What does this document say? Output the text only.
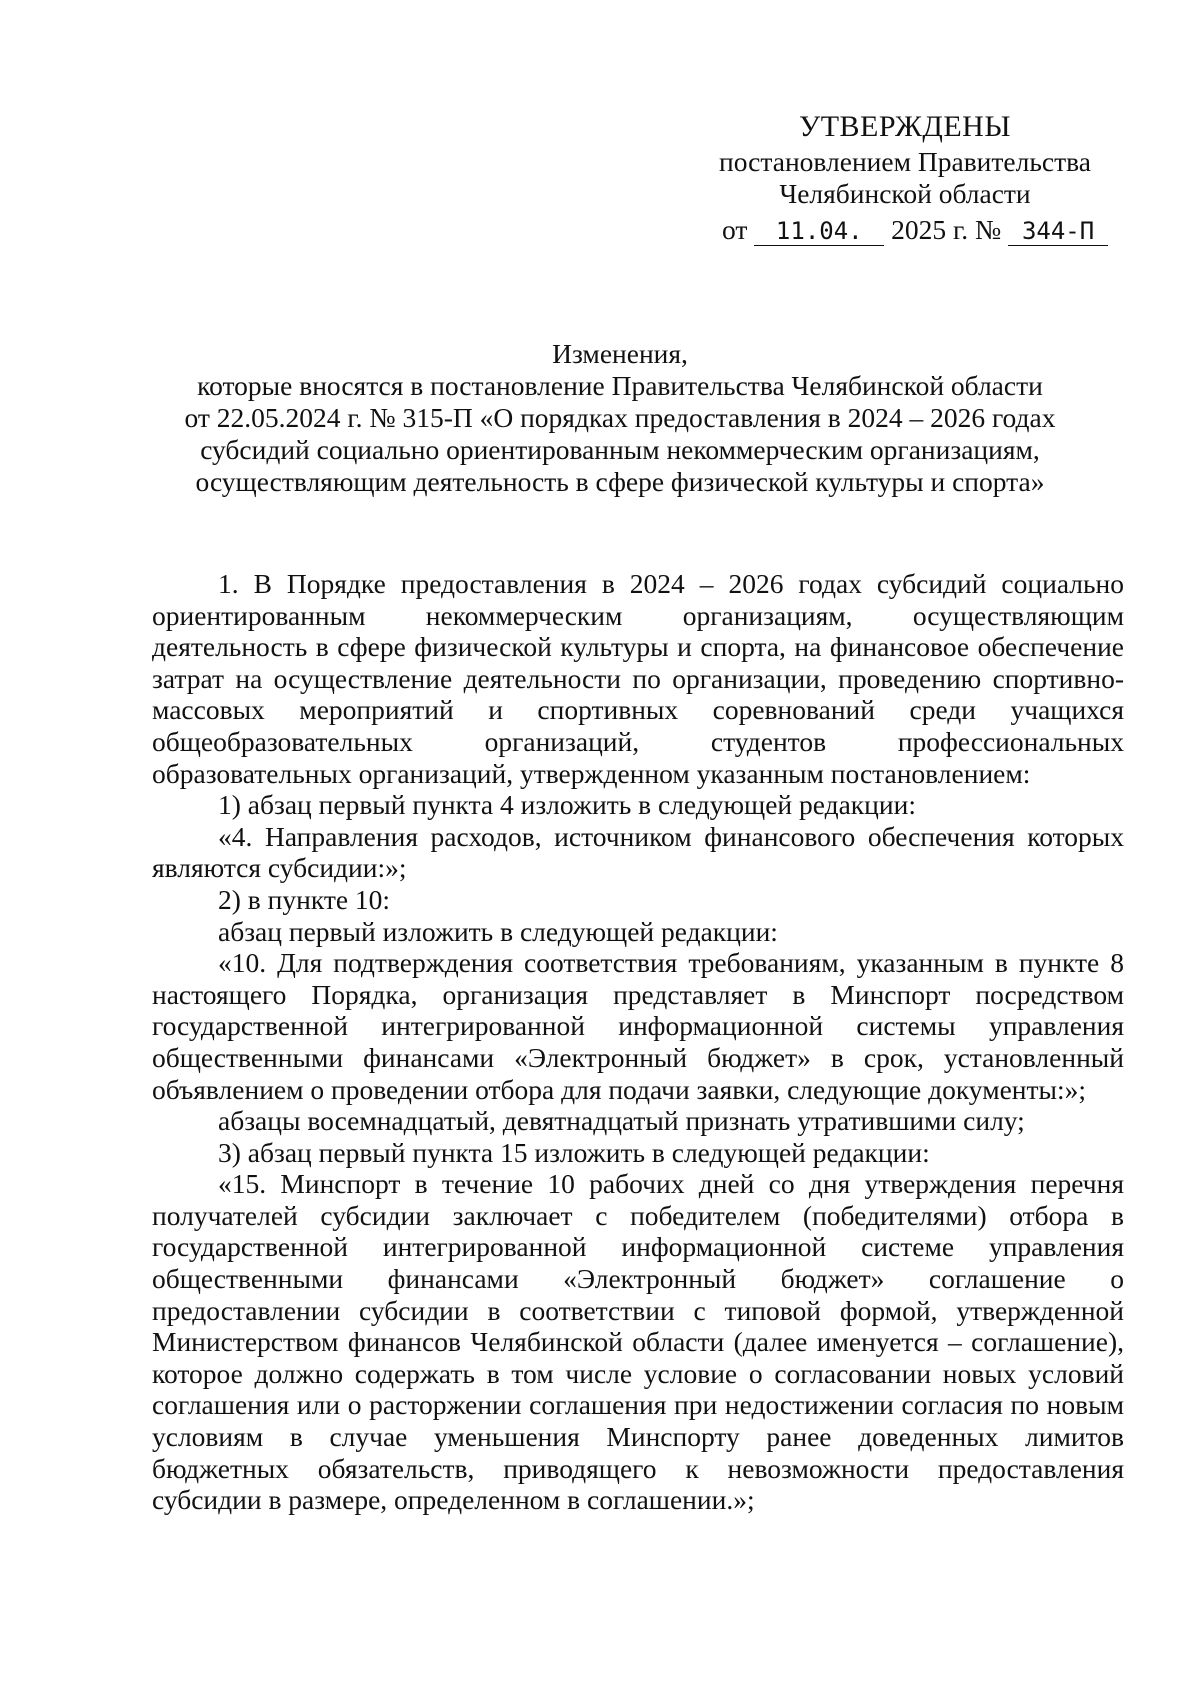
УТВЕРЖДЕНЫ
постановлением Правительства
Челябинской области
от 11.04. 2025 г. № 344-П
Изменения,
которые вносятся в постановление Правительства Челябинской области
от 22.05.2024 г. № 315-П «О порядках предоставления в 2024 – 2026 годах
субсидий социально ориентированным некоммерческим организациям,
осуществляющим деятельность в сфере физической культуры и спорта»

1. В Порядке предоставления в 2024 – 2026 годах субсидий социально ориентированным некоммерческим организациям, осуществляющим деятельность в сфере физической культуры и спорта, на финансовое обеспечение затрат на осуществление деятельности по организации, проведению спортивно-массовых мероприятий и спортивных соревнований среди учащихся общеобразовательных организаций, студентов профессиональных образовательных организаций, утвержденном указанным постановлением:

1) абзац первый пункта 4 изложить в следующей редакции:

«4. Направления расходов, источником финансового обеспечения которых являются субсидии:»;

2) в пункте 10:

абзац первый изложить в следующей редакции:

«10. Для подтверждения соответствия требованиям, указанным в пункте 8 настоящего Порядка, организация представляет в Минспорт посредством государственной интегрированной информационной системы управления общественными финансами «Электронный бюджет» в срок, установленный объявлением о проведении отбора для подачи заявки, следующие документы:»;

абзацы восемнадцатый, девятнадцатый признать утратившими силу;

3) абзац первый пункта 15 изложить в следующей редакции:

«15. Минспорт в течение 10 рабочих дней со дня утверждения перечня получателей субсидии заключает с победителем (победителями) отбора в государственной интегрированной информационной системе управления общественными финансами «Электронный бюджет» соглашение о предоставлении субсидии в соответствии с типовой формой, утвержденной Министерством финансов Челябинской области (далее именуется – соглашение), которое должно содержать в том числе условие о согласовании новых условий соглашения или о расторжении соглашения при недостижении согласия по новым условиям в случае уменьшения Минспорту ранее доведенных лимитов бюджетных обязательств, приводящего к невозможности предоставления субсидии в размере, определенном в соглашении.»;
